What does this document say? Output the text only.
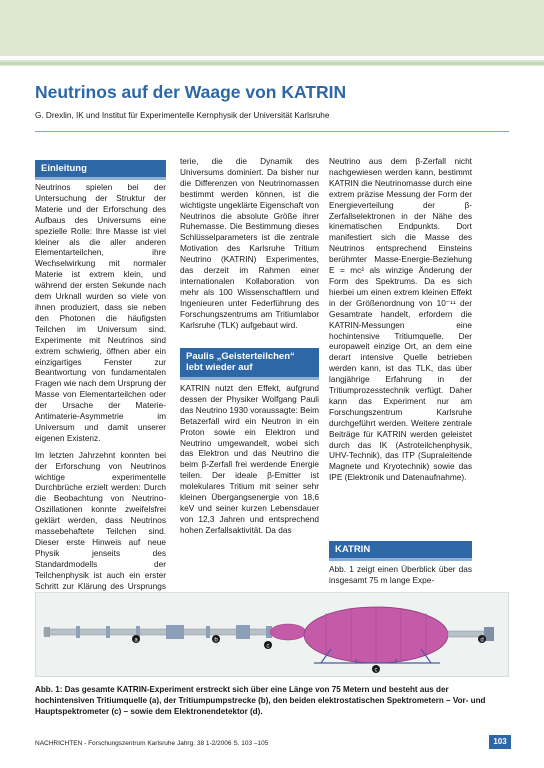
Neutrinos auf der Waage von KATRIN
G. Drexlin, IK und Institut für Experimentelle Kernphysik der Universität Karlsruhe
Einleitung

Neutrinos spielen bei der Untersuchung der Struktur der Materie und der Erforschung des Aufbaus des Universums eine spezielle Rolle: Ihre Masse ist viel kleiner als die aller anderen Elementarteilchen, ihre Wechselwirkung mit normaler Materie ist extrem klein, und während der ersten Sekunde nach dem Urknall wurden so viele von ihnen produziert, dass sie neben den Photonen die häufigsten Teilchen im Universum sind. Experimente mit Neutrinos sind extrem schwierig, öffnen aber ein einzigartiges Fenster zur Beantwortung von fundamentalen Fragen wie nach dem Ursprung der Masse von Elementarteilchen oder der Ursache der Materie-Antimaterie-Asymmetrie im Universum und damit unserer eigenen Existenz.

Im letzten Jahrzehnt konnten bei der Erforschung von Neutrinos wichtige experimentelle Durchbrüche erzielt werden: Durch die Beobachtung von Neutrino-Oszillationen konnte zweifelsfrei geklärt werden, dass Neutrinos massebehaftete Teilchen sind. Dieser erste Hinweis auf neue Physik jenseits des Standardmodells der Teilchenphysik ist auch ein erster Schritt zur Klärung des Ursprungs

terie, die die Dynamik des Universums dominiert. Da bisher nur die Differenzen von Neutrinomassen bestimmt werden können, ist die wichtigste ungeklärte Eigenschaft von Neutrinos die absolute Größe ihrer Ruhemasse. Die Bestimmung dieses Schlüsselparameters ist die zentrale Motivation des Karlsruhe Tritium Neutrino (KATRIN) Experimentes, das derzeit im Rahmen einer internationalen Kollaboration von mehr als 100 Wissenschaftlern und Ingenieuren unter Federführung des Forschungszentrums am Tritiumlabor Karlsruhe (TLK) aufgebaut wird.

Paulis „Geisterteilchen“ lebt wieder auf

KATRIN nutzt den Effekt, aufgrund dessen der Physiker Wolfgang Pauli das Neutrino 1930 voraussagte: Beim Betazerfall wird ein Neutron in ein Proton sowie ein Elektron und Neutrino umgewandelt, wobei sich das Elektron und das Neutrino die beim β-Zerfall frei werdende Energie teilen. Der ideale β-Emitter ist molekulares Tritium mit seiner sehr kleinen Übergangsenergie von 18,6 keV und seiner kurzen Lebensdauer von 12,3 Jahren und entsprechend hohen Zerfallsaktivität. Da das

Neutrino aus dem β-Zerfall nicht nachgewiesen werden kann, bestimmt KATRIN die Neutrinomasse durch eine extrem präzise Messung der Form der Energieverteilung der β-Zerfallselektronen in der Nähe des kinematischen Endpunkts. Dort manifestiert sich die Masse des Neutrinos entsprechend Einsteins berühmter Masse-Energie-Beziehung E = mc² als winzige Änderung der Form des Spektrums. Da es sich hierbei um einen extrem kleinen Effekt in der Größenordnung von 10⁻¹¹ der Gesamtrate handelt, erfordern die KATRIN-Messungen eine hochintensive Tritiumquelle. Der europaweit einzige Ort, an dem eine derart intensive Quelle betrieben werden kann, ist das TLK, das über langjährige Erfahrung in der Tritiumprozesstechnik verfügt. Daher kann das Experiment nur am Forschungszentrum Karlsruhe durchgeführt werden. Weitere zentrale Beiträge für KATRIN werden geleistet durch das IK (Astroteilchenphysik, UHV-Technik), das ITP (Supraleitende Magnete und Kryotechnik) sowie das IPE (Elektronik und Datenaufnahme).

KATRIN

Abb. 1 zeigt einen Überblick über das insgesamt 75 m lange Expe-

a	b
c
d
c
Abb. 1: Das gesamte KATRIN-Experiment erstreckt sich über eine Länge von 75 Metern und besteht aus der hochintensiven Tritiumquelle (a), der Tritiumpumpstrecke (b), den beiden elektrostatischen Spektrometern – Vor- und Hauptspektrometer (c) – sowie dem Elektronendetektor (d).
NACHRICHTEN - Forschungszentrum Karlsruhe Jahrg. 38 1-2/2006 S. 103 –105	103
